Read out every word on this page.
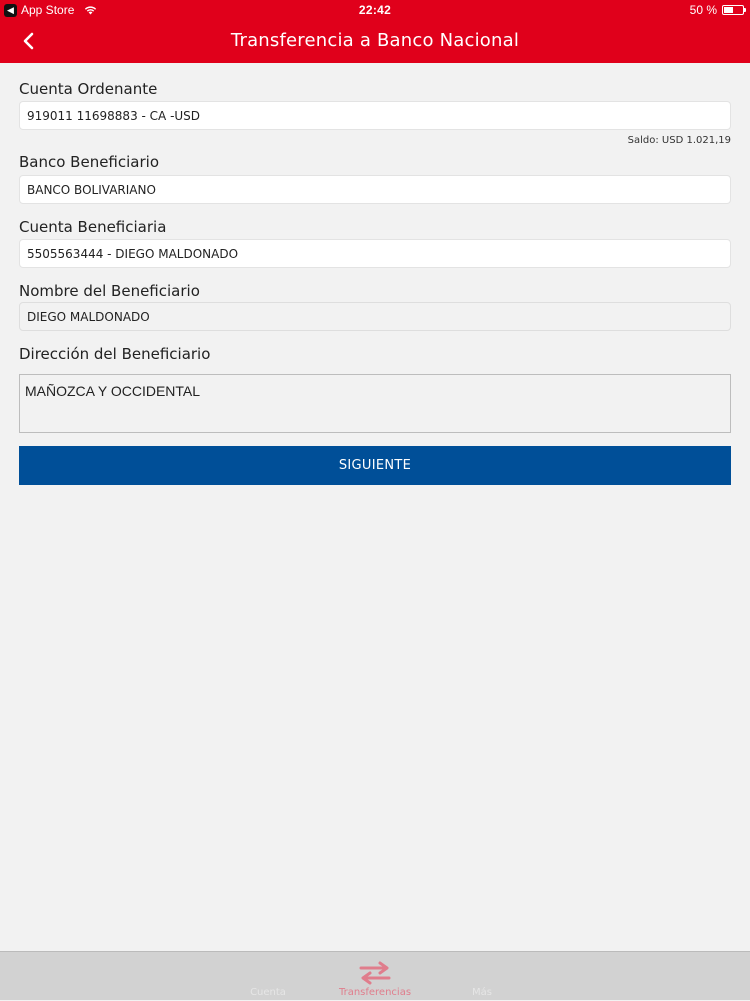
◀ App Store	22:42	50 %
Transferencia a Banco Nacional
Cuenta Ordenante
919011 11698883 - CA -USD
Saldo: USD 1.021,19
Banco Beneficiario
BANCO BOLIVARIANO
Cuenta Beneficiaria
5505563444 - DIEGO MALDONADO
Nombre del Beneficiario
DIEGO MALDONADO
Dirección del Beneficiario
MAÑOZCA Y OCCIDENTAL
SIGUIENTE
Cuenta	Transferencias	Más
